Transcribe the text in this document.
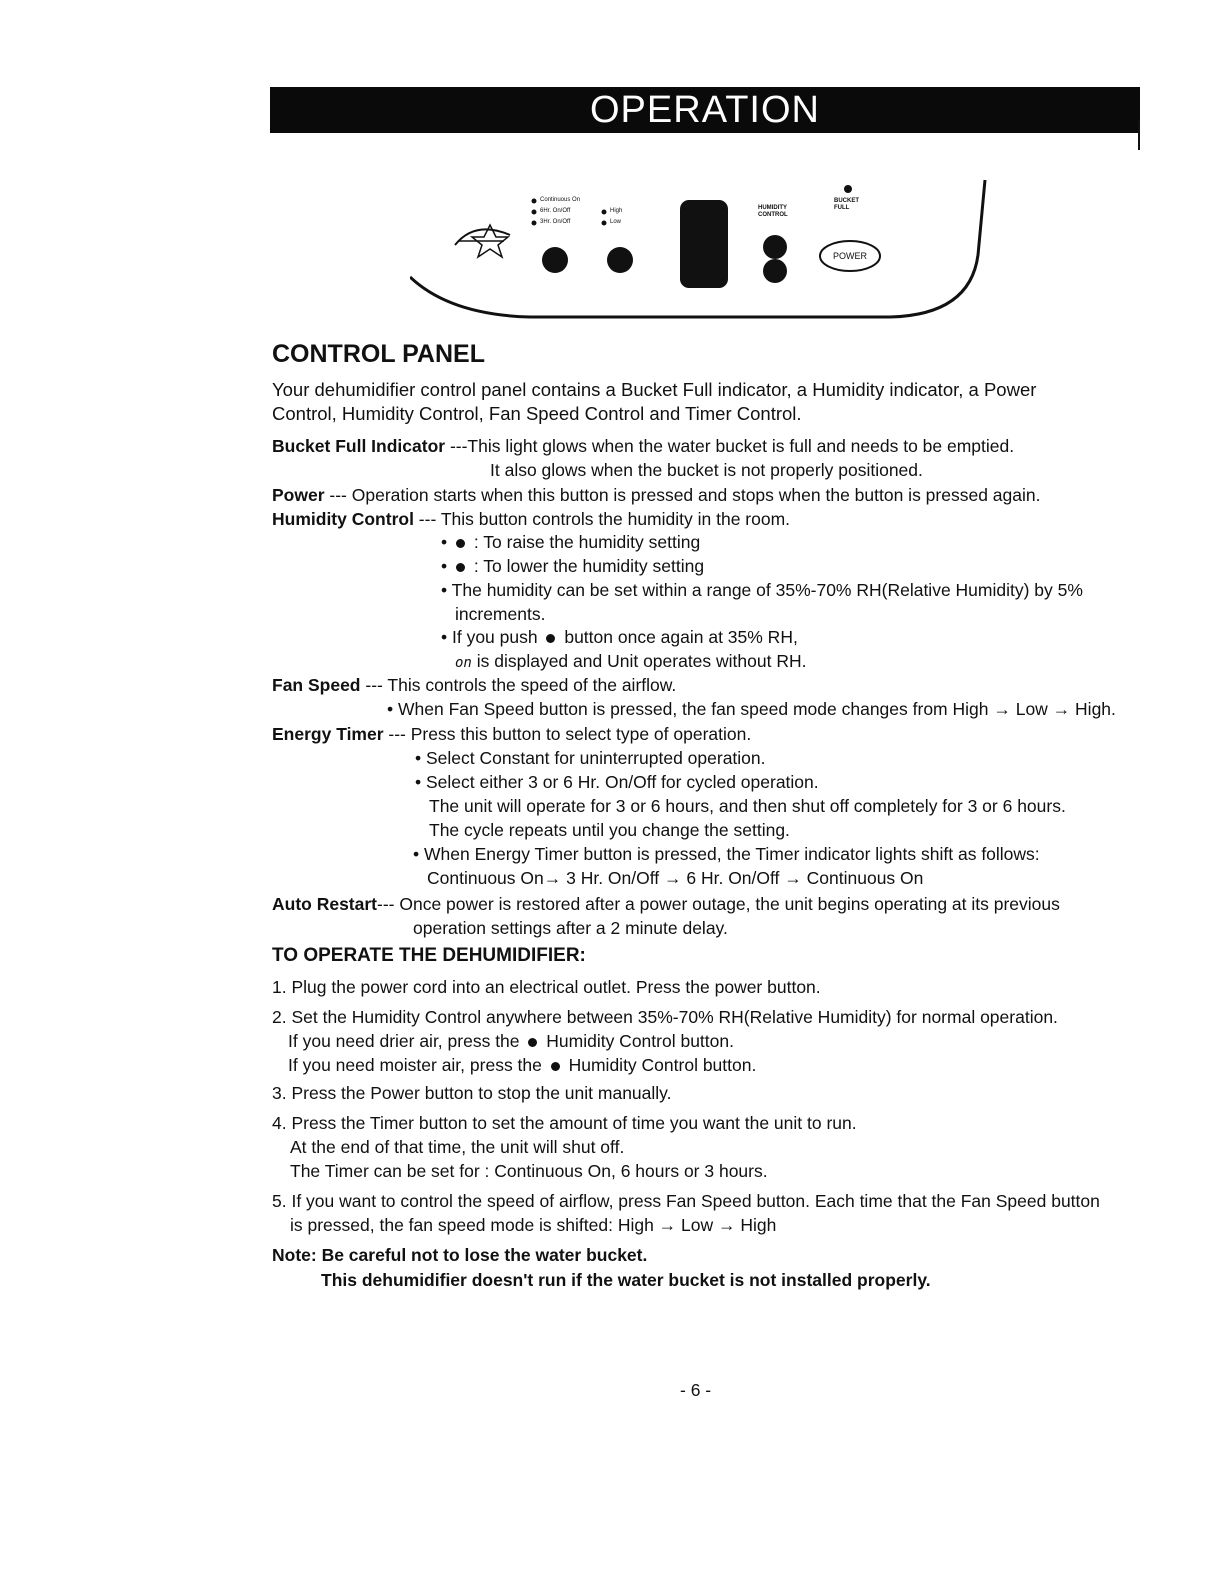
OPERATION
Continuous On
6Hr. On/Off
3Hr. On/Off
High
Low
HUMIDITY CONTROL
BUCKET FULL
POWER
CONTROL PANEL
Your dehumidifier control panel contains a Bucket Full indicator, a Humidity indicator, a Power
Control, Humidity Control, Fan Speed Control and Timer Control.
Bucket Full Indicator ---This light glows when the water bucket is full and needs to be emptied.
It also glows when the bucket is not properly positioned.
Power --- Operation starts when this button is pressed and stops when the button is pressed again.
Humidity Control --- This button controls the humidity in the room.
•  : To raise the humidity setting
•  : To lower the humidity setting
• The humidity can be set within a range of 35%-70% RH(Relative Humidity) by 5%
increments.
• If you push  button once again at 35% RH,
on is displayed and Unit operates without RH.
Fan Speed --- This controls the speed of the airflow.
• When Fan Speed button is pressed, the fan speed mode changes from High → Low → High.
Energy Timer --- Press this button to select type of operation.
• Select Constant for uninterrupted operation.
• Select either 3 or 6 Hr. On/Off for cycled operation.
The unit will operate for 3 or 6 hours, and then shut off completely for 3 or 6 hours.
The cycle repeats until you change the setting.
• When Energy Timer button is pressed, the Timer indicator lights shift as follows:
Continuous On→ 3 Hr. On/Off → 6 Hr. On/Off → Continuous On
Auto Restart--- Once power is restored after a power outage, the unit begins operating at its previous
operation settings after a 2 minute delay.
TO OPERATE THE DEHUMIDIFIER:
1. Plug the power cord into an electrical outlet. Press the power button.
2. Set the Humidity Control anywhere between 35%-70% RH(Relative Humidity) for normal operation.
If you need drier air, press the  Humidity Control button.
If you need moister air, press the  Humidity Control button.
3. Press the Power button to stop the unit manually.
4. Press the Timer button to set the amount of time you want the unit to run.
At the end of that time, the unit will shut off.
The Timer can be set for : Continuous On, 6 hours or 3 hours.
5. If you want to control the speed of airflow, press Fan Speed button. Each time that the Fan Speed button
is pressed, the fan speed mode is shifted: High → Low → High
Note: Be careful not to lose the water bucket.
This dehumidifier doesn't run if the water bucket is not installed properly.
- 6 -
